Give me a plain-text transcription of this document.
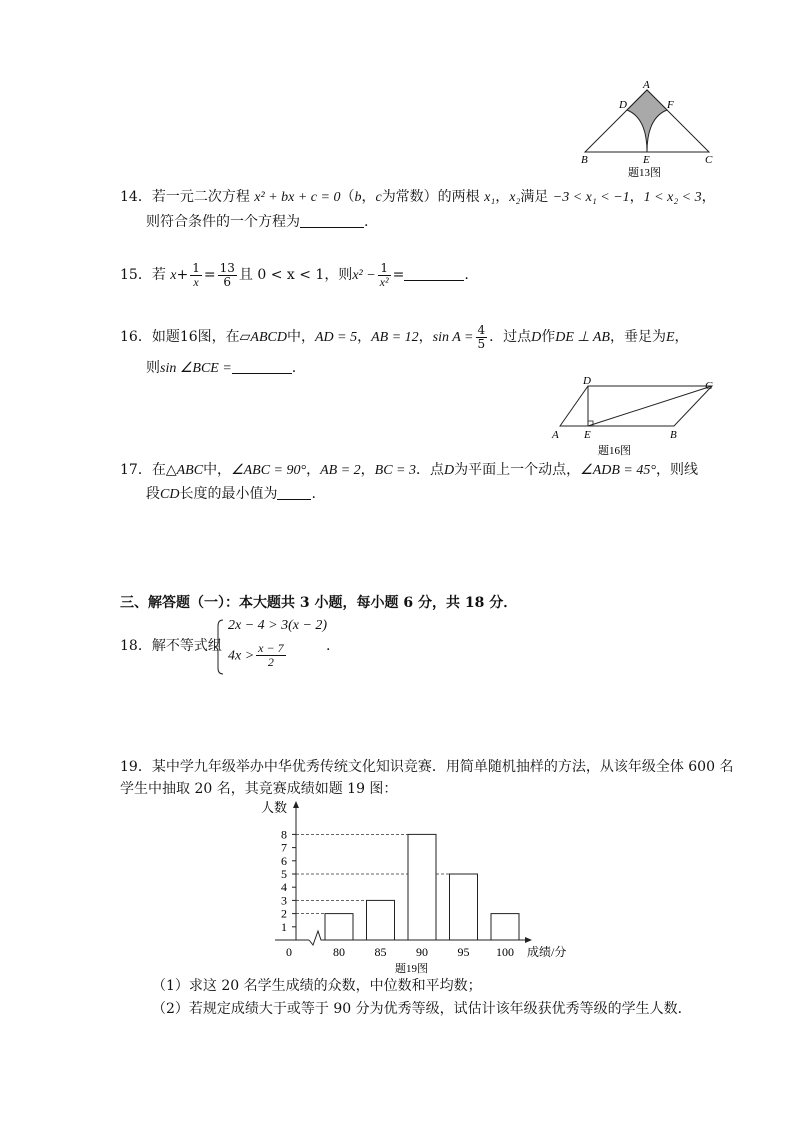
A
D	F
B	E	C
题13图
14．若一元二次方程 x² + bx + c = 0（b，c为常数）的两根 x₁，x₂满足 −3 < x₁ < −1，1 < x₂ < 3，
则符合条件的一个方程为	.
15．若 $x+ \frac{1}{x} = \frac{13}{6}$ 且 0 < x < 1，则$x^2 - \frac{1}{\text{x²}}$ =	.
16．如题16图，在▱ABCD中，AD = 5，AB = 12，$\sin A = \frac{4}{5}$ ．过点D作DE ⊥ AB，垂足为E，
则sin ∠BCE =	.
D	C
A E	B
题16图
17．在△ABC中，∠ABC = 90°，AB = 2，BC = 3．点D为平面上一个动点，∠ADB = 45°，则线
段CD长度的最小值为 .
三、解答题（一）：本大题共 3 小题，每小题 6 分，共 18 分．
18．解不等式组
2x − 4 > 3(x − 2)
$4x > \frac{x - 7}{2}$	.
19．某中学九年级举办中华优秀传统文化知识竞赛．用简单随机抽样的方法，从该年级全体 600 名
学生中抽取 20 名，其竞赛成绩如题 19 图：
80 85 90 95 100
1
2
3
4
5
6
7
8
0
人数
成绩/分
题19图
（1）求这 20 名学生成绩的众数，中位数和平均数；
（2）若规定成绩大于或等于 90 分为优秀等级，试估计该年级获优秀等级的学生人数．
